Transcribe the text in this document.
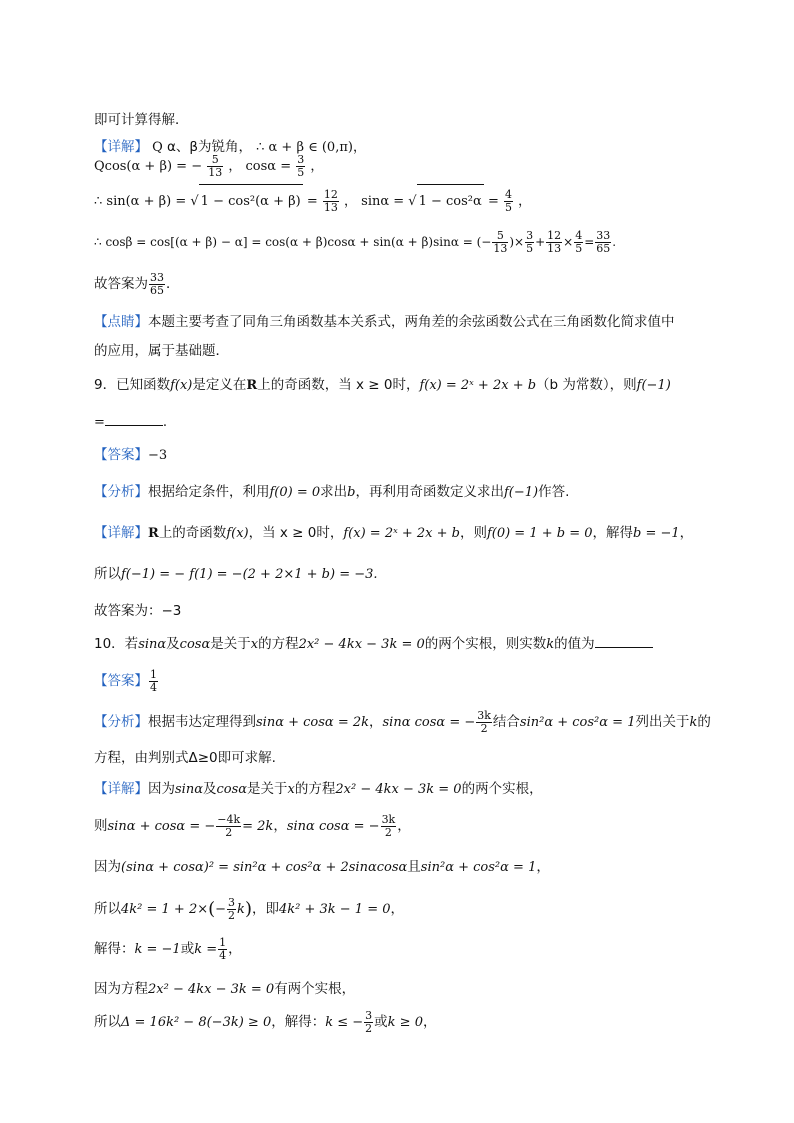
即可计算得解．
【详解】 Q α、β为锐角， ∴ α + β ∈ (0,π)，
Qcos(α + β) = − $\frac{5}{13}$ ， $\cos\alpha = \frac{3}{5}$ ，
∴ sin(α + β) = √ $1 - \cos^2(\alpha + \beta) = \frac{12}{13}$ ， sinα = √ $1 - \cos^2\alpha = \frac{4}{5}$ ，
∴ cosβ = cos[(α + β) − α] = cos(α + β)cosα + sin(α + β)sinα = (− $\frac{5}{13}$ )× $\frac{3}{5} + \frac{12}{13} \times \frac{4}{5} = \frac{33}{65}$ .
故答案为 $\frac{33}{65}$ ．
【点睛】本题主要考查了同角三角函数基本关系式，两角差的余弦函数公式在三角函数化简求值中
的应用，属于基础题．
9．已知函数f(x)是定义在R上的奇函数，当 x ≥ 0时，f(x) = 2ˣ + 2x + b（b 为常数），则f(−1)
=	.
【答案】−3
【分析】根据给定条件，利用f(0) = 0求出b，再利用奇函数定义求出f(−1)作答.
【详解】R上的奇函数f(x)，当 x ≥ 0时，f(x) = 2ˣ + 2x + b，则f(0) = 1 + b = 0，解得b = −1，
所以f(−1) = − f(1) = −(2 + 2×1 + b) = −3.
故答案为：−3
10．若sinα及cosα是关于x的方程2x² − 4kx − 3k = 0的两个实根，则实数k的值为
【答案】 $\frac{1}{4}$
【分析】根据韦达定理得到sinα + cosα = 2k，sinα cosα = − $\frac{3k}{2}$ 结合sin²α + cos²α = 1列出关于k的
方程，由判别式Δ≥0即可求解.
【详解】因为sinα及cosα是关于x的方程2x² − 4kx − 3k = 0的两个实根，
则sinα + cosα = − $\frac{-4k}{2} = 2k$，sinα cosα = − $\frac{3k}{2}$ ，
因为(sinα + cosα)² = sin²α + cos²α + 2sinαcosα且sin²α + cos²α = 1，
所以$4k^2 = 1 + 2\times(- \frac{3}{2} k)$，即4k² + 3k − 1 = 0，
解得：k = −1或$k = \frac{1}{4}$ ，
因为方程2x² − 4kx − 3k = 0有两个实根，
所以Δ = 16k² − 8(−3k) ≥ 0，解得：k ≤ − $\frac{3}{2}$ 或k ≥ 0，
